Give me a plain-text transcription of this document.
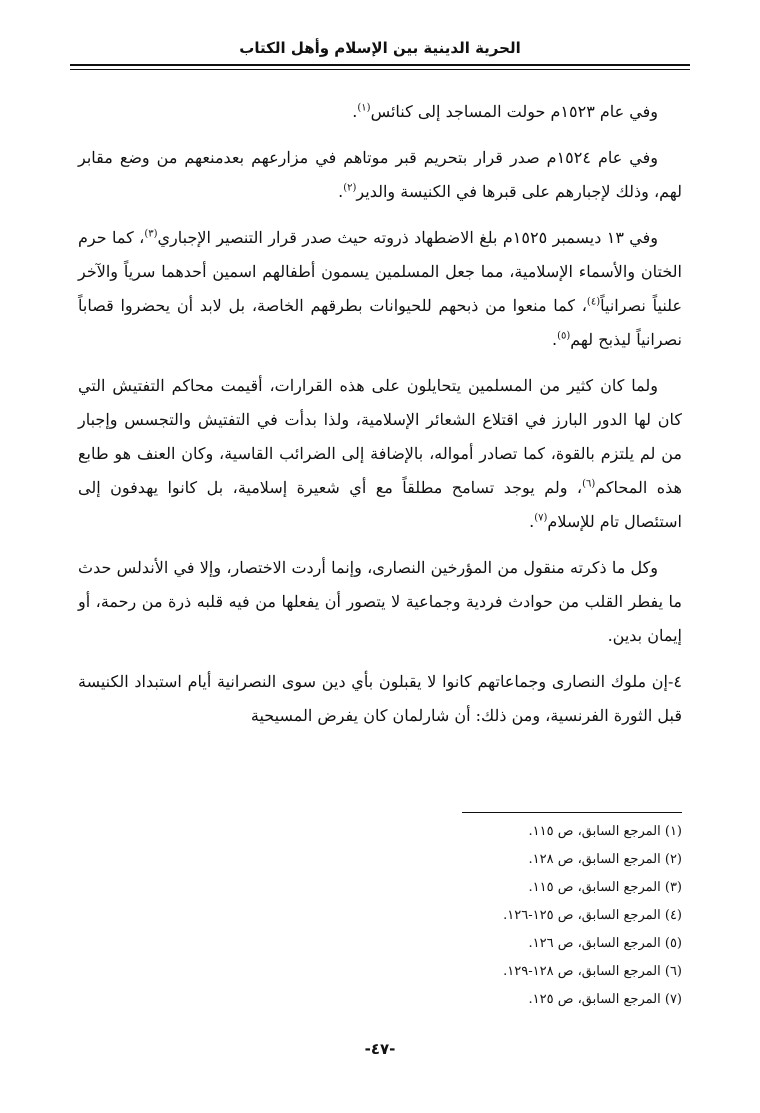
الحرية الدينية بين الإسلام وأهل الكتاب

وفي عام ١٥٢٣م حولت المساجد إلى كنائس$^{(١)}$.

وفي عام ١٥٢٤م صدر قرار بتحريم قبر موتاهم في مزارعهم بعدمنعهم من وضع مقابر لهم، وذلك لإجبارهم على قبرها في الكنيسة والدير$^{(٢)}$.

وفي ١٣ ديسمبر ١٥٢٥م بلغ الاضطهاد ذروته حيث صدر قرار التنصير الإجباري$^{(٣)}$، كما حرم الختان والأسماء الإسلامية، مما جعل المسلمين يسمون أطفالهم اسمين أحدهما سرياً والآخر علنياً نصرانياً$^{(٤)}$، كما منعوا من ذبحهم للحيوانات بطرقهم الخاصة، بل لابد أن يحضروا قصاباً نصرانياً ليذبح لهم$^{(٥)}$.

ولما كان كثير من المسلمين يتحايلون على هذه القرارات، أقيمت محاكم التفتيش التي كان لها الدور البارز في اقتلاع الشعائر الإسلامية، ولذا بدأت في التفتيش والتجسس وإجبار من لم يلتزم بالقوة، كما تصادر أمواله، بالإضافة إلى الضرائب القاسية، وكان العنف هو طابع هذه المحاكم$^{(٦)}$، ولم يوجد تسامح مطلقاً مع أي شعيرة إسلامية، بل كانوا يهدفون إلى استئصال تام للإسلام$^{(٧)}$.

وكل ما ذكرته منقول من المؤرخين النصارى، وإنما أردت الاختصار، وإلا في الأندلس حدث ما يفطر القلب من حوادث فردية وجماعية لا يتصور أن يفعلها من فيه قلبه ذرة من رحمة، أو إيمان بدين.

٤-إن ملوك النصارى وجماعاتهم كانوا لا يقبلون بأي دين سوى النصرانية أيام استبداد الكنيسة قبل الثورة الفرنسية، ومن ذلك: أن شارلمان كان يفرض المسيحية

(١) المرجع السابق، ص ١١٥.
(٢) المرجع السابق، ص ١٢٨.
(٣) المرجع السابق، ص ١١٥.
(٤) المرجع السابق، ص ١٢٥-١٢٦.
(٥) المرجع السابق، ص ١٢٦.
(٦) المرجع السابق، ص ١٢٨-١٢٩.
(٧) المرجع السابق، ص ١٢٥.
-٤٧-
